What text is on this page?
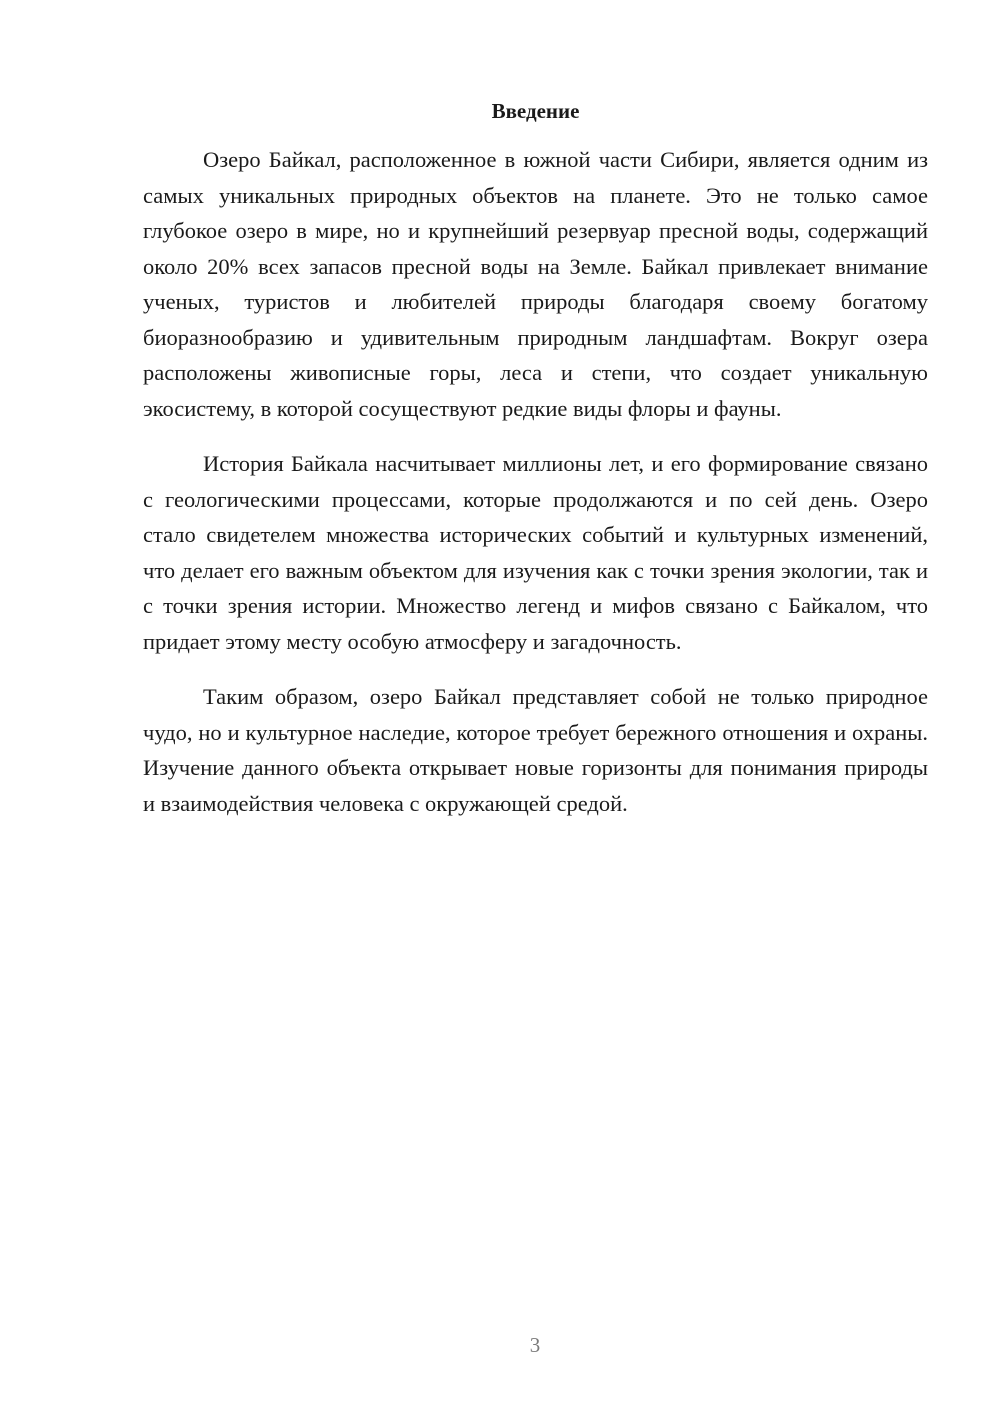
Введение

Озеро Байкал, расположенное в южной части Сибири, является одним из самых уникальных природных объектов на планете. Это не только самое глубокое озеро в мире, но и крупнейший резервуар пресной воды, содержащий около 20% всех запасов пресной воды на Земле. Байкал привлекает внимание ученых, туристов и любителей природы благодаря своему богатому биоразнообразию и удивительным природным ландшафтам. Вокруг озера расположены живописные горы, леса и степи, что создает уникальную экосистему, в которой сосуществуют редкие виды флоры и фауны.

История Байкала насчитывает миллионы лет, и его формирование связано с геологическими процессами, которые продолжаются и по сей день. Озеро стало свидетелем множества исторических событий и культурных изменений, что делает его важным объектом для изучения как с точки зрения экологии, так и с точки зрения истории. Множество легенд и мифов связано с Байкалом, что придает этому месту особую атмосферу и загадочность.

Таким образом, озеро Байкал представляет собой не только природное чудо, но и культурное наследие, которое требует бережного отношения и охраны. Изучение данного объекта открывает новые горизонты для понимания природы и взаимодействия человека с окружающей средой.

3
